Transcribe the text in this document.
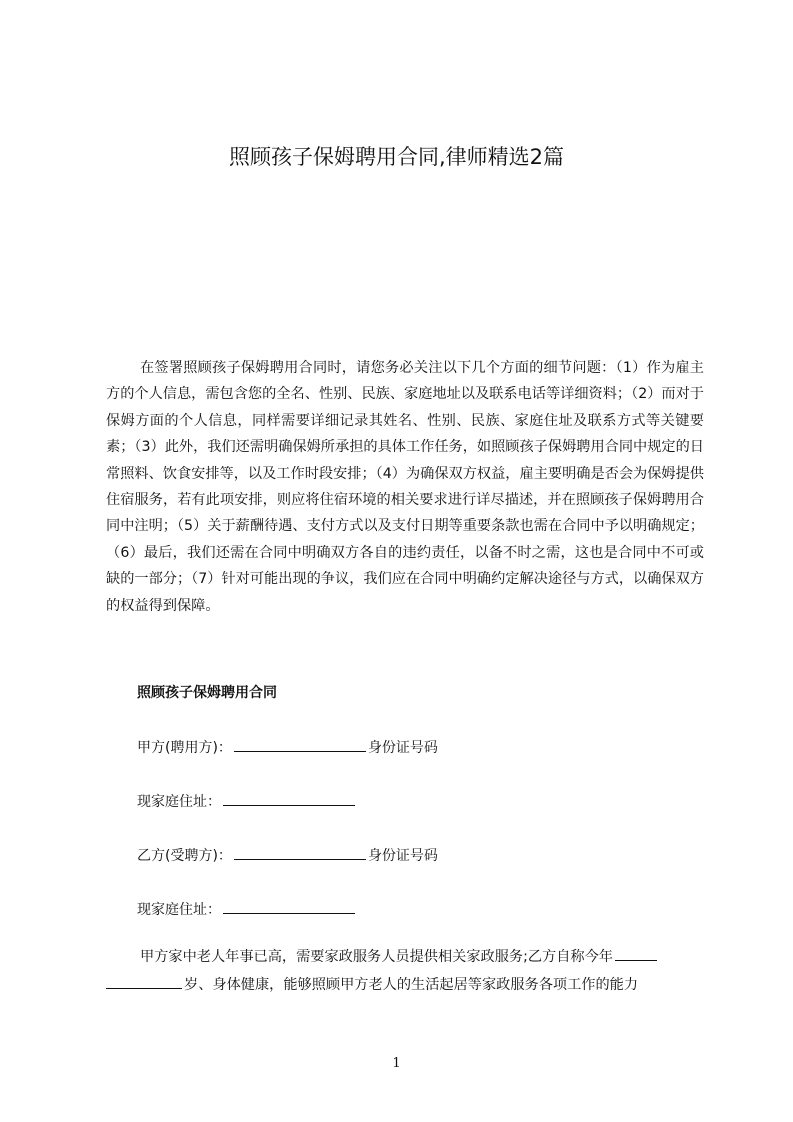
照顾孩子保姆聘用合同,律师精选2篇

在签署照顾孩子保姆聘用合同时，请您务必关注以下几个方面的细节问题：（1）作为雇主方的个人信息，需包含您的全名、性别、民族、家庭地址以及联系电话等详细资料；（2）而对于保姆方面的个人信息，同样需要详细记录其姓名、性别、民族、家庭住址及联系方式等关键要素；（3）此外，我们还需明确保姆所承担的具体工作任务，如照顾孩子保姆聘用合同中规定的日常照料、饮食安排等，以及工作时段安排；（4）为确保双方权益，雇主要明确是否会为保姆提供住宿服务，若有此项安排，则应将住宿环境的相关要求进行详尽描述，并在照顾孩子保姆聘用合同中注明；（5）关于薪酬待遇、支付方式以及支付日期等重要条款也需在合同中予以明确规定；（6）最后，我们还需在合同中明确双方各自的违约责任，以备不时之需，这也是合同中不可或缺的一部分；（7）针对可能出现的争议，我们应在合同中明确约定解决途径与方式，以确保双方的权益得到保障。

照顾孩子保姆聘用合同

甲方(聘用方)：	身份证号码

现家庭住址：

乙方(受聘方)：	身份证号码

现家庭住址：

甲方家中老人年事已高，需要家政服务人员提供相关家政服务;乙方自称今年
岁、身体健康，能够照顾甲方老人的生活起居等家政服务各项工作的能力

1
